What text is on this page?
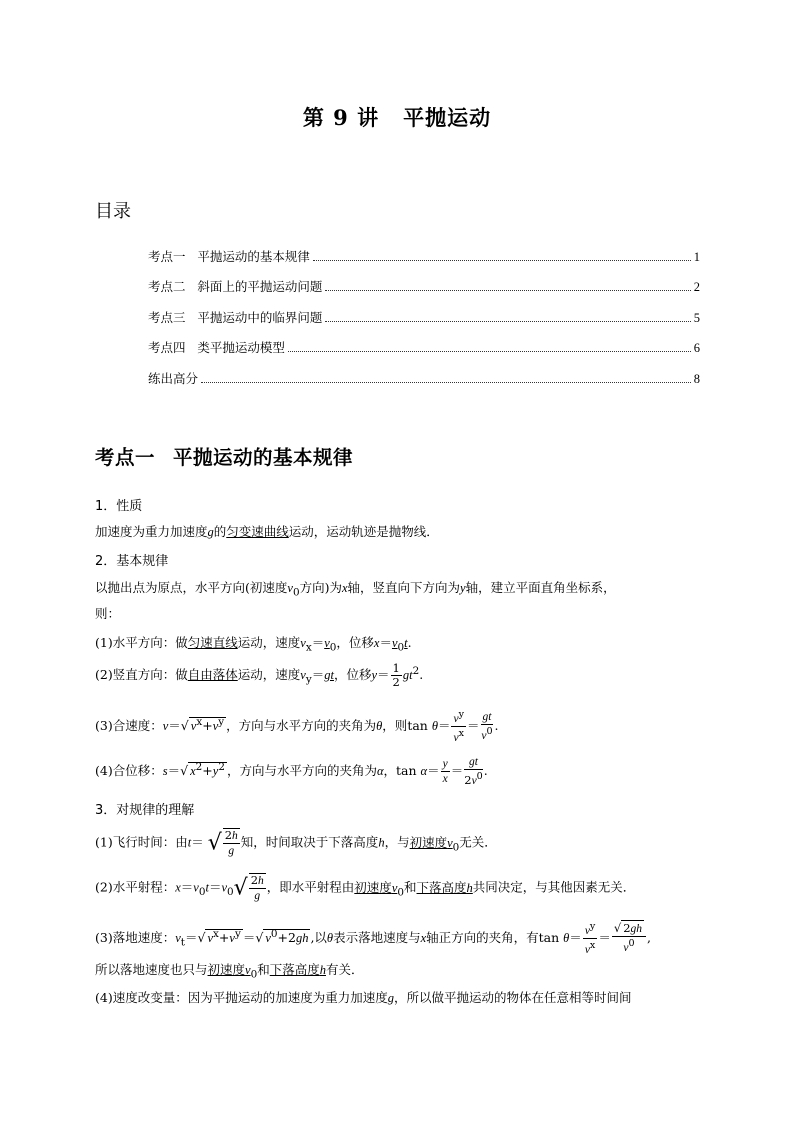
第 9 讲 平抛运动
目录
考点一   平抛运动的基本规律	1
考点二   斜面上的平抛运动问题	2
考点三   平抛运动中的临界问题	5
考点四   类平抛运动模型	6
练出高分	8
考点一 平抛运动的基本规律
1．性质
加速度为重力加速度g的匀变速曲线运动，运动轨迹是抛物线．
2．基本规律
以抛出点为原点，水平方向(初速度$v_0$方向)为x轴，竖直向下方向为y轴，建立平面直角坐标系，
则：
(1)水平方向：做匀速直线运动，速度$v_x=v_0$，位移$x=v_0t$.
(2)竖直方向：做自由落体运动，速度$v_y=gt$，位移$y= \frac{1}{2} gt^2$.
(3)合速度：v＝√ $v^x+v^y$ ，方向与水平方向的夹角为θ，则$\tan \theta= \frac{v^y}{v^x} = \frac{gt}{v^0}$ .
(4)合位移：s＝√ $x^2+y^2$ ，方向与水平方向的夹角为α，$\tan \alpha= \frac{y}{x} = \frac{gt}{2v^0}$ .
3．对规律的理解
(1)飞行时间：由t＝ √ $\frac{2h}{g}$ 知，时间取决于下落高度h，与初速度$v_0$无关．
(2)水平射程：$x=v_0t=v_0√ \frac{2h}{g}$ ，即水平射程由初速度$v_0$和下落高度h共同决定，与其他因素无关．
(3)落地速度：$v_t=√$ $v^x+v^y$ ＝√ $v^0+2gh$ ,以θ表示落地速度与x轴正方向的夹角，有$\tan \theta= \frac{v^y}{v^x} = \frac{√ 2gh}{v^0}$ ,
所以落地速度也只与初速度$v_0$和下落高度h有关．
(4)速度改变量：因为平抛运动的加速度为重力加速度g，所以做平抛运动的物体在任意相等时间间
